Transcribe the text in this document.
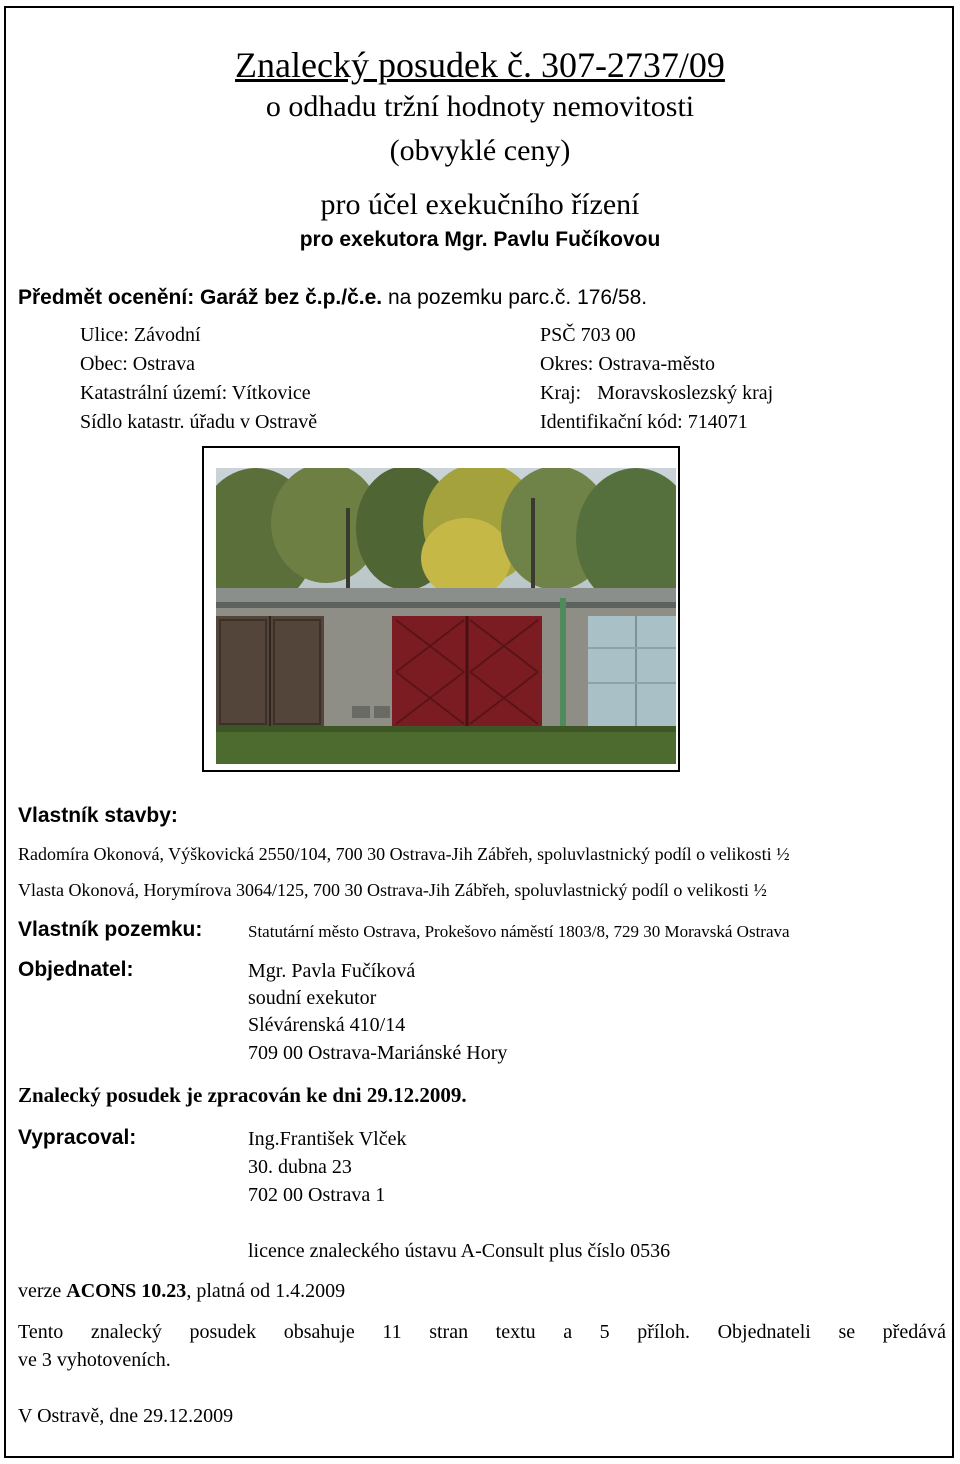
Znalecký posudek č. 307-2737/09
o odhadu tržní hodnoty nemovitosti
(obvyklé ceny)
pro účel exekučního řízení
pro exekutora Mgr. Pavlu Fučíkovou
Předmět ocenění: Garáž bez č.p./č.e. na pozemku parc.č. 176/58.
Ulice: Závodní	PSČ 703 00
Obec: Ostrava	Okres: Ostrava-město
Katastrální území: Vítkovice	Kraj: Moravskoslezský kraj
Sídlo katastr. úřadu v Ostravě	Identifikační kód: 714071
Vlastník stavby:
Radomíra Okonová, Výškovická 2550/104, 700 30 Ostrava-Jih Zábřeh, spoluvlastnický podíl o velikosti ½
Vlasta Okonová, Horymírova 3064/125, 700 30 Ostrava-Jih Zábřeh, spoluvlastnický podíl o velikosti ½
Vlastník pozemku:	Statutární město Ostrava, Prokešovo náměstí 1803/8, 729 30 Moravská Ostrava
Objednatel:	Mgr. Pavla Fučíková
soudní exekutor
Slévárenská 410/14
709 00 Ostrava-Mariánské Hory
Znalecký posudek je zpracován ke dni 29.12.2009.
Vypracoval:	Ing.František Vlček
30. dubna 23
702 00 Ostrava 1
licence znaleckého ústavu A-Consult plus číslo 0536
verze ACONS 10.23, platná od 1.4.2009
Tento znalecký posudek obsahuje 11 stran textu a 5 příloh. Objednateli se předává
ve 3 vyhotoveních.
V Ostravě, dne 29.12.2009
